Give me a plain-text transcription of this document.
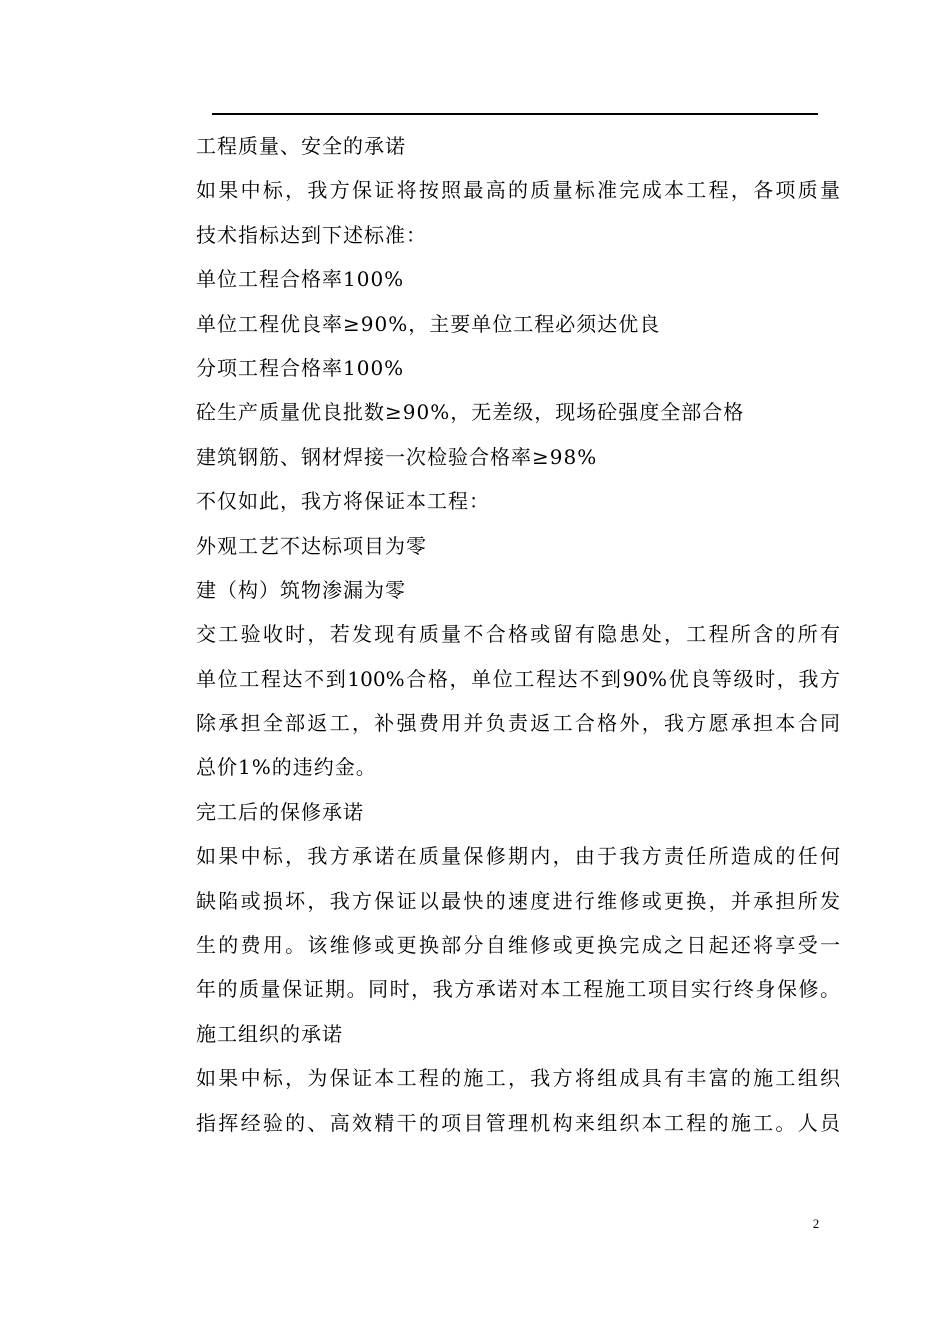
工程质量、安全的承诺
如果中标，我方保证将按照最高的质量标准完成本工程，各项质量
技术指标达到下述标准：
单位工程合格率100%
单位工程优良率≥90%，主要单位工程必须达优良
分项工程合格率100%
砼生产质量优良批数≥90%，无差级，现场砼强度全部合格
建筑钢筋、钢材焊接一次检验合格率≥98%
不仅如此，我方将保证本工程：
外观工艺不达标项目为零
建（构）筑物渗漏为零
交工验收时，若发现有质量不合格或留有隐患处，工程所含的所有
单位工程达不到100%合格，单位工程达不到90%优良等级时，我方
除承担全部返工，补强费用并负责返工合格外，我方愿承担本合同
总价1%的违约金。
完工后的保修承诺
如果中标，我方承诺在质量保修期内，由于我方责任所造成的任何
缺陷或损坏，我方保证以最快的速度进行维修或更换，并承担所发
生的费用。该维修或更换部分自维修或更换完成之日起还将享受一
年的质量保证期。同时，我方承诺对本工程施工项目实行终身保修。
施工组织的承诺
如果中标，为保证本工程的施工，我方将组成具有丰富的施工组织
指挥经验的、高效精干的项目管理机构来组织本工程的施工。人员
2
